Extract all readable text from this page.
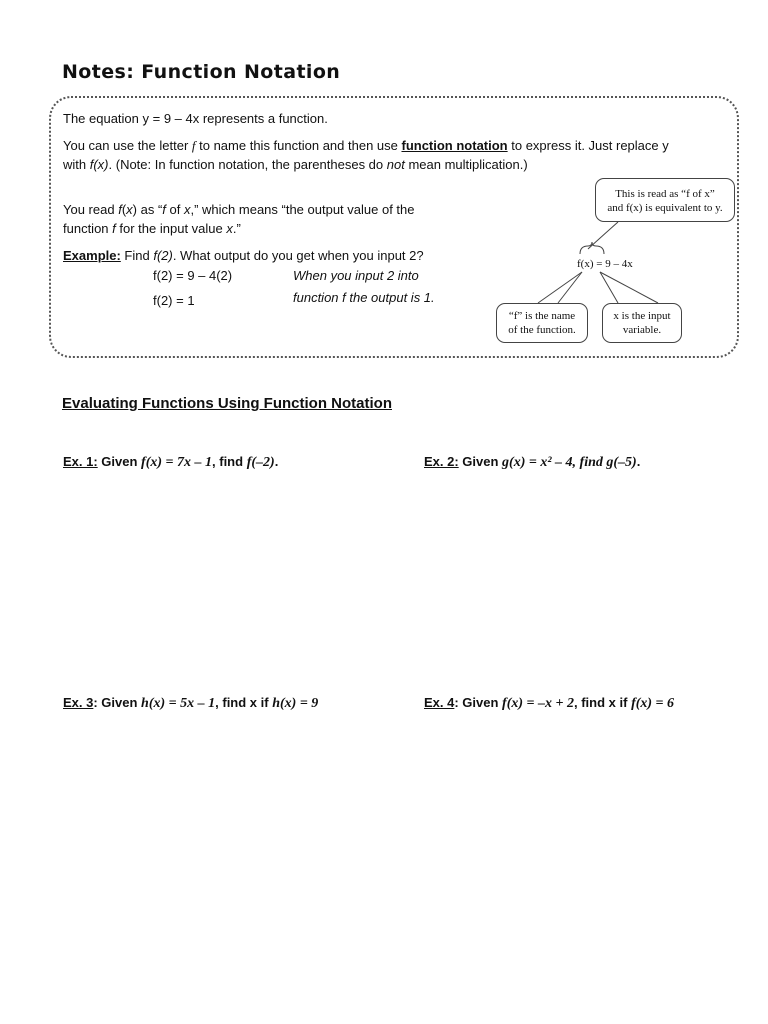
Notes: Function Notation
The equation y = 9 – 4x represents a function.
You can use the letter f to name this function and then use function notation to express it. Just replace y
with f(x). (Note: In function notation, the parentheses do not mean multiplication.)
You read f(x) as “f of x,” which means “the output value of the
function f for the input value x.”
Example: Find f(2). What output do you get when you input 2?
f(2) = 9 – 4(2)
f(2) = 1
When you input 2 into
function f the output is 1.
This is read as “f of x”
and f(x) is equivalent to y.
f(x) = 9 – 4x
“f” is the name
of the function.
x is the input
variable.
Evaluating Functions Using Function Notation
Ex. 1: Given f(x) = 7x – 1, find f(–2).	Ex. 2: Given g(x) = x² – 4, find g(–5).
Ex. 3: Given h(x) = 5x – 1, find x if h(x) = 9	Ex. 4: Given f(x) = –x + 2, find x if f(x) = 6
